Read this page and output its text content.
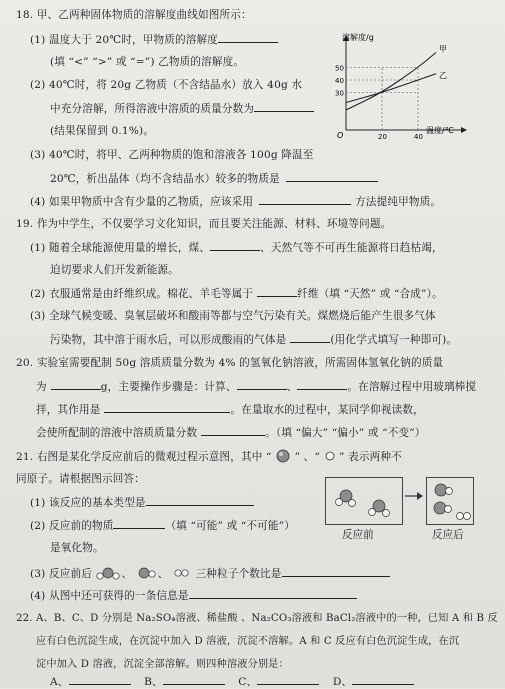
18. 甲、乙两种固体物质的溶解度曲线如图所示：
(1) 温度大于 20℃时，甲物质的溶解度
(填 “<” “>” 或 “=”) 乙物质的溶解度。
(2) 40℃时，将 20g 乙物质（不含结晶水）放入 40g 水
中充分溶解，所得溶液中溶质的质量分数为
(结果保留到 0.1%)。
(3) 40℃时，将甲、乙两种物质的饱和溶液各 100g 降温至
20℃，析出晶体（均不含结晶水）较多的物质是
(4) 如果甲物质中含有少量的乙物质，应该采用	方法提纯甲物质。
30
40
50
20	40
甲
乙
溶解度/g
温度/℃
O
19. 作为中学生，不仅要学习文化知识，而且要关注能源、材料、环境等问题。
(1) 随着全球能源使用量的增长，煤、	、天然气等不可再生能源将日趋枯竭，
迫切要求人们开发新能源。
(2) 衣服通常是由纤维织成。棉花、羊毛等属于	纤维（填 “天然” 或 “合成”）。
(3) 全球气候变暖、臭氧层破坏和酸雨等都与空气污染有关。煤燃烧后能产生很多气体
污染物，其中溶于雨水后，可以形成酸雨的气体是	(用化学式填写一种即可)。
20. 实验室需要配制 50g 溶质质量分数为 4% 的氢氧化钠溶液，所需固体氢氧化钠的质量
为	g，主要操作步骤是：计算、	、	。在溶解过程中用玻璃棒搅
拌，其作用是	。在量取水的过程中，某同学仰视读数，
会使所配制的溶液中溶质质量分数	。（填 “偏大” “偏小” 或 “不变”）
21. 右图是某化学反应前后的微观过程示意图，其中 “ ” 、“ ” 表示两种不
同原子。请根据图示回答：
(1) 该反应的基本类型是
(2) 反应前的物质	（填 “可能” 或 “不可能”）
是氧化物。
(3) 反应前后	、 、  三种粒子个数比是
(4) 从图中还可获得的一条信息是
反应前	反应后
22. A、B、C、D 分别是 Na₂SO₄溶液、稀盐酸 、Na₂CO₃溶液和 BaCl₂溶液中的一种，已知 A 和 B 反
应有白色沉淀生成，在沉淀中加入 D 溶液，沉淀不溶解。A 和 C 反应有白色沉淀生成，在沉
淀中加入 D 溶液，沉淀全部溶解。则四种溶液分别是：
A、	B、	C、	D、
